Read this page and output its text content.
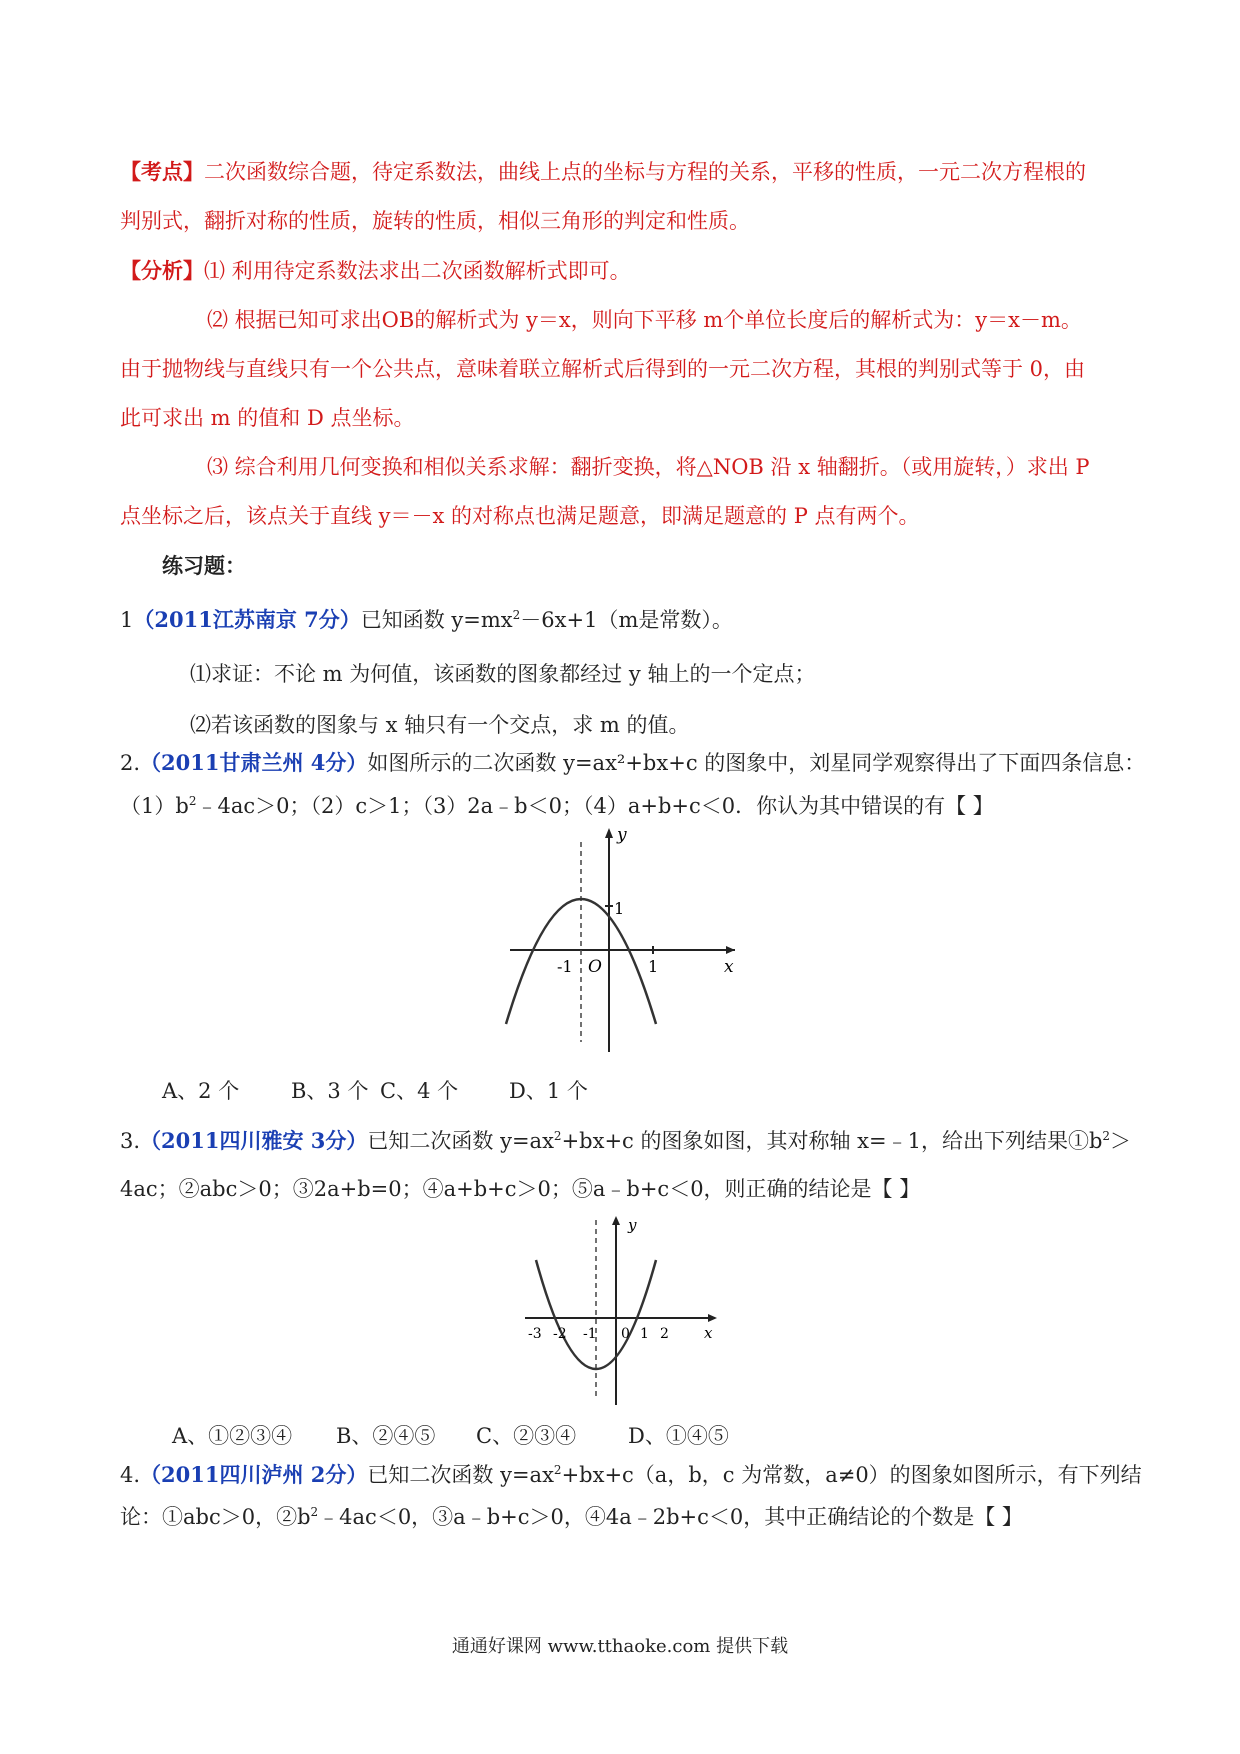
【考点】二次函数综合题，待定系数法，曲线上点的坐标与方程的关系，平移的性质，一元二次方程根的
判别式，翻折对称的性质，旋转的性质，相似三角形的判定和性质。
【分析】⑴ 利用待定系数法求出二次函数解析式即可。
⑵ 根据已知可求出OB的解析式为 y＝x，则向下平移 m个单位长度后的解析式为：y＝x－m。
由于抛物线与直线只有一个公共点，意味着联立解析式后得到的一元二次方程，其根的判别式等于 0，由
此可求出 m 的值和 D 点坐标。
⑶ 综合利用几何变换和相似关系求解：翻折变换，将△NOB 沿 x 轴翻折。（或用旋转，）求出 P
点坐标之后，该点关于直线 y＝－x 的对称点也满足题意，即满足题意的 P 点有两个。
练习题：
1（2011江苏南京 7分）已知函数 $y=mx^2-6x+1(m$是常数）。
⑴求证：不论 m 为何值，该函数的图象都经过 y 轴上的一个定点；
⑵若该函数的图象与 x 轴只有一个交点，求 m 的值。
2.（2011甘肃兰州 4分）如图所示的二次函数 y=ax²+bx+c 的图象中，刘星同学观察得出了下面四条信息：
$(1)b^2﹣4ac>0$；（2）c＞1；（3）2a﹣b＜0；（4）a+b+c＜0．你认为其中错误的有【 】
y
x
1
-1 O	1
A、2 个 B、3 个 C、4 个 D、1 个
3.（2011四川雅安 3分）已知二次函数 $y=ax^2+bx+c$ 的图象如图，其对称轴 x=﹣1，给出下列结果$①b^2>$
4ac；②abc＞0；③2a+b=0；④a+b+c＞0；⑤a﹣b+c＜0，则正确的结论是【 】
y
x
-3 -2 -1 0 1 2
A、①②③④ B、②④⑤ C、②③④ D、①④⑤
4.（2011四川泸州 2分）已知二次函数 $y=ax^2+bx+c(a$，b，c 为常数，a≠0）的图象如图所示，有下列结
论：①abc＞0，$②b^2﹣4ac<0$，③a﹣b+c＞0，④4a﹣2b+c＜0，其中正确结论的个数是【 】
通通好课网 www.tthaoke.com 提供下载
